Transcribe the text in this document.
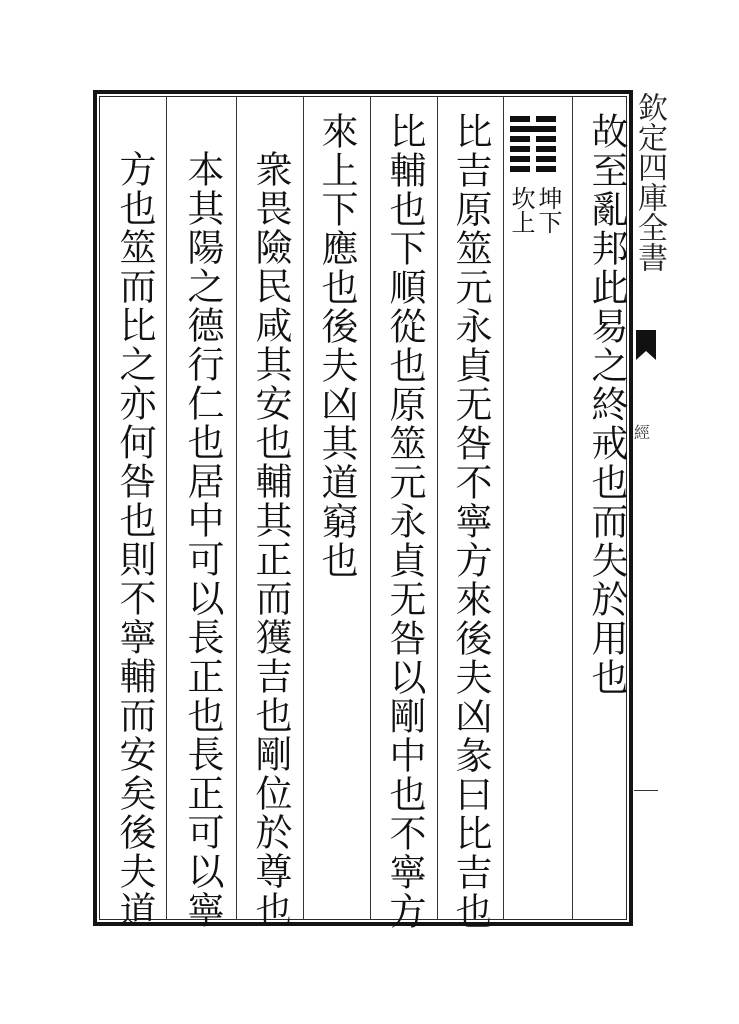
欽定四庫全書
經
故至亂邦此易之終戒也而失於用也
坤下
坎上
比吉原筮元永貞无咎不寧方來後夫凶彖曰比吉也
比輔也下順從也原筮元永貞无咎以剛中也不寧方
來上下應也後夫凶其道窮也
衆畏險民咸其安也輔其正而獲吉也剛位於尊也
本其陽之德行仁也居中可以長正也長正可以寧
方也筮而比之亦何咎也則不寧輔而安矣後夫道
